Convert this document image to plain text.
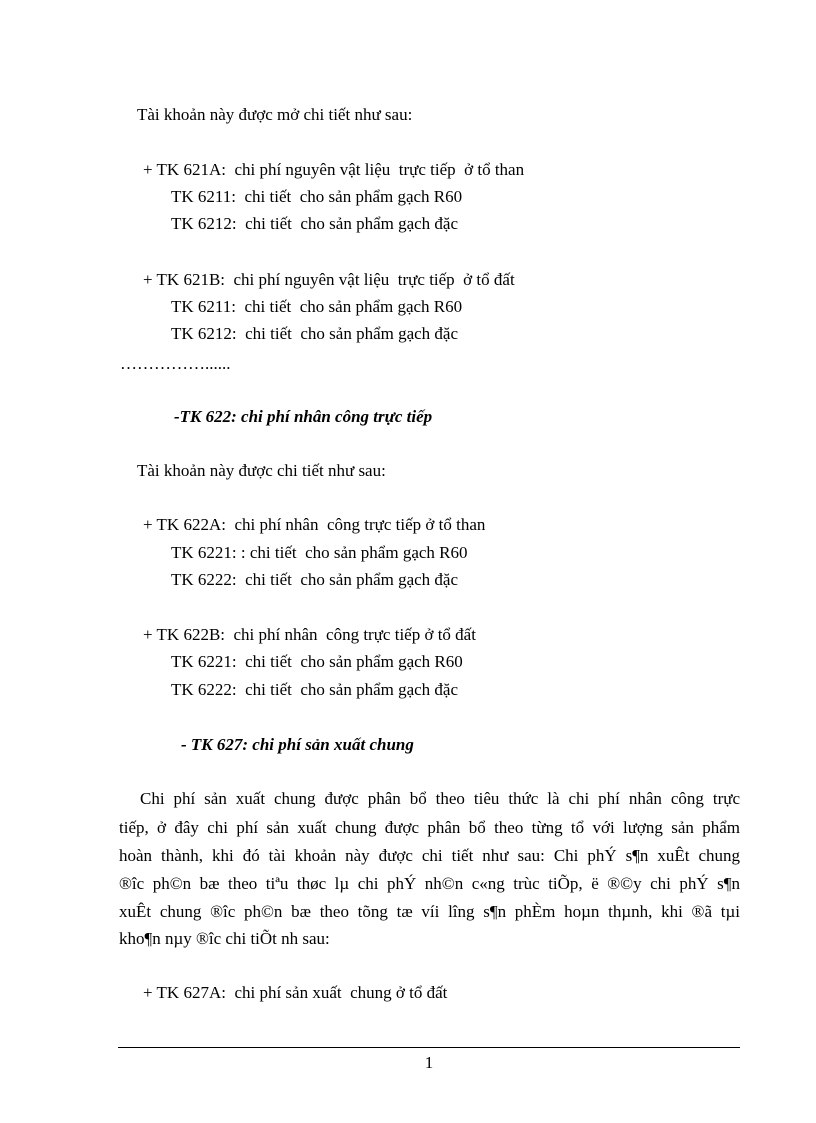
Tài khoản này được mở chi tiết như sau:
+ TK 621A:  chi phí nguyên vật liệu  trực tiếp  ở tổ than
TK 6211:  chi tiết  cho sản phẩm gạch R60
TK 6212:  chi tiết  cho sản phẩm gạch đặc
+ TK 621B:  chi phí nguyên vật liệu  trực tiếp  ở tổ đất
TK 6211:  chi tiết  cho sản phẩm gạch R60
TK 6212:  chi tiết  cho sản phẩm gạch đặc
……………......
-TK 622: chi phí nhân công trực tiếp
Tài khoản này được chi tiết như sau:
+ TK 622A:  chi phí nhân  công trực tiếp ở tổ than
TK 6221: : chi tiết  cho sản phẩm gạch R60
TK 6222:  chi tiết  cho sản phẩm gạch đặc
+ TK 622B:  chi phí nhân  công trực tiếp ở tổ đất
TK 6221:  chi tiết  cho sản phẩm gạch R60
TK 6222:  chi tiết  cho sản phẩm gạch đặc
- TK 627: chi phí sản xuất chung
Chi phí sản xuất chung được phân bổ theo tiêu thức là chi phí nhân công trực
tiếp, ở đây chi phí sản xuất chung được phân bổ theo từng tổ với lượng sản phẩm
hoàn thành, khi đó tài khoản này được chi tiết như sau: Chi phÝ s¶n xuÊt chung
®îc ph©n bæ theo tiªu thøc lµ chi phÝ nh©n c«ng trùc tiÕp, ë ®©y chi phÝ s¶n
xuÊt chung ®îc ph©n bæ theo tõng tæ víi lîng s¶n phÈm hoµn thµnh, khi ®ã tµi
kho¶n nµy ®îc chi tiÕt nh sau:
+ TK 627A:  chi phí sản xuất  chung ở tổ đất
1
